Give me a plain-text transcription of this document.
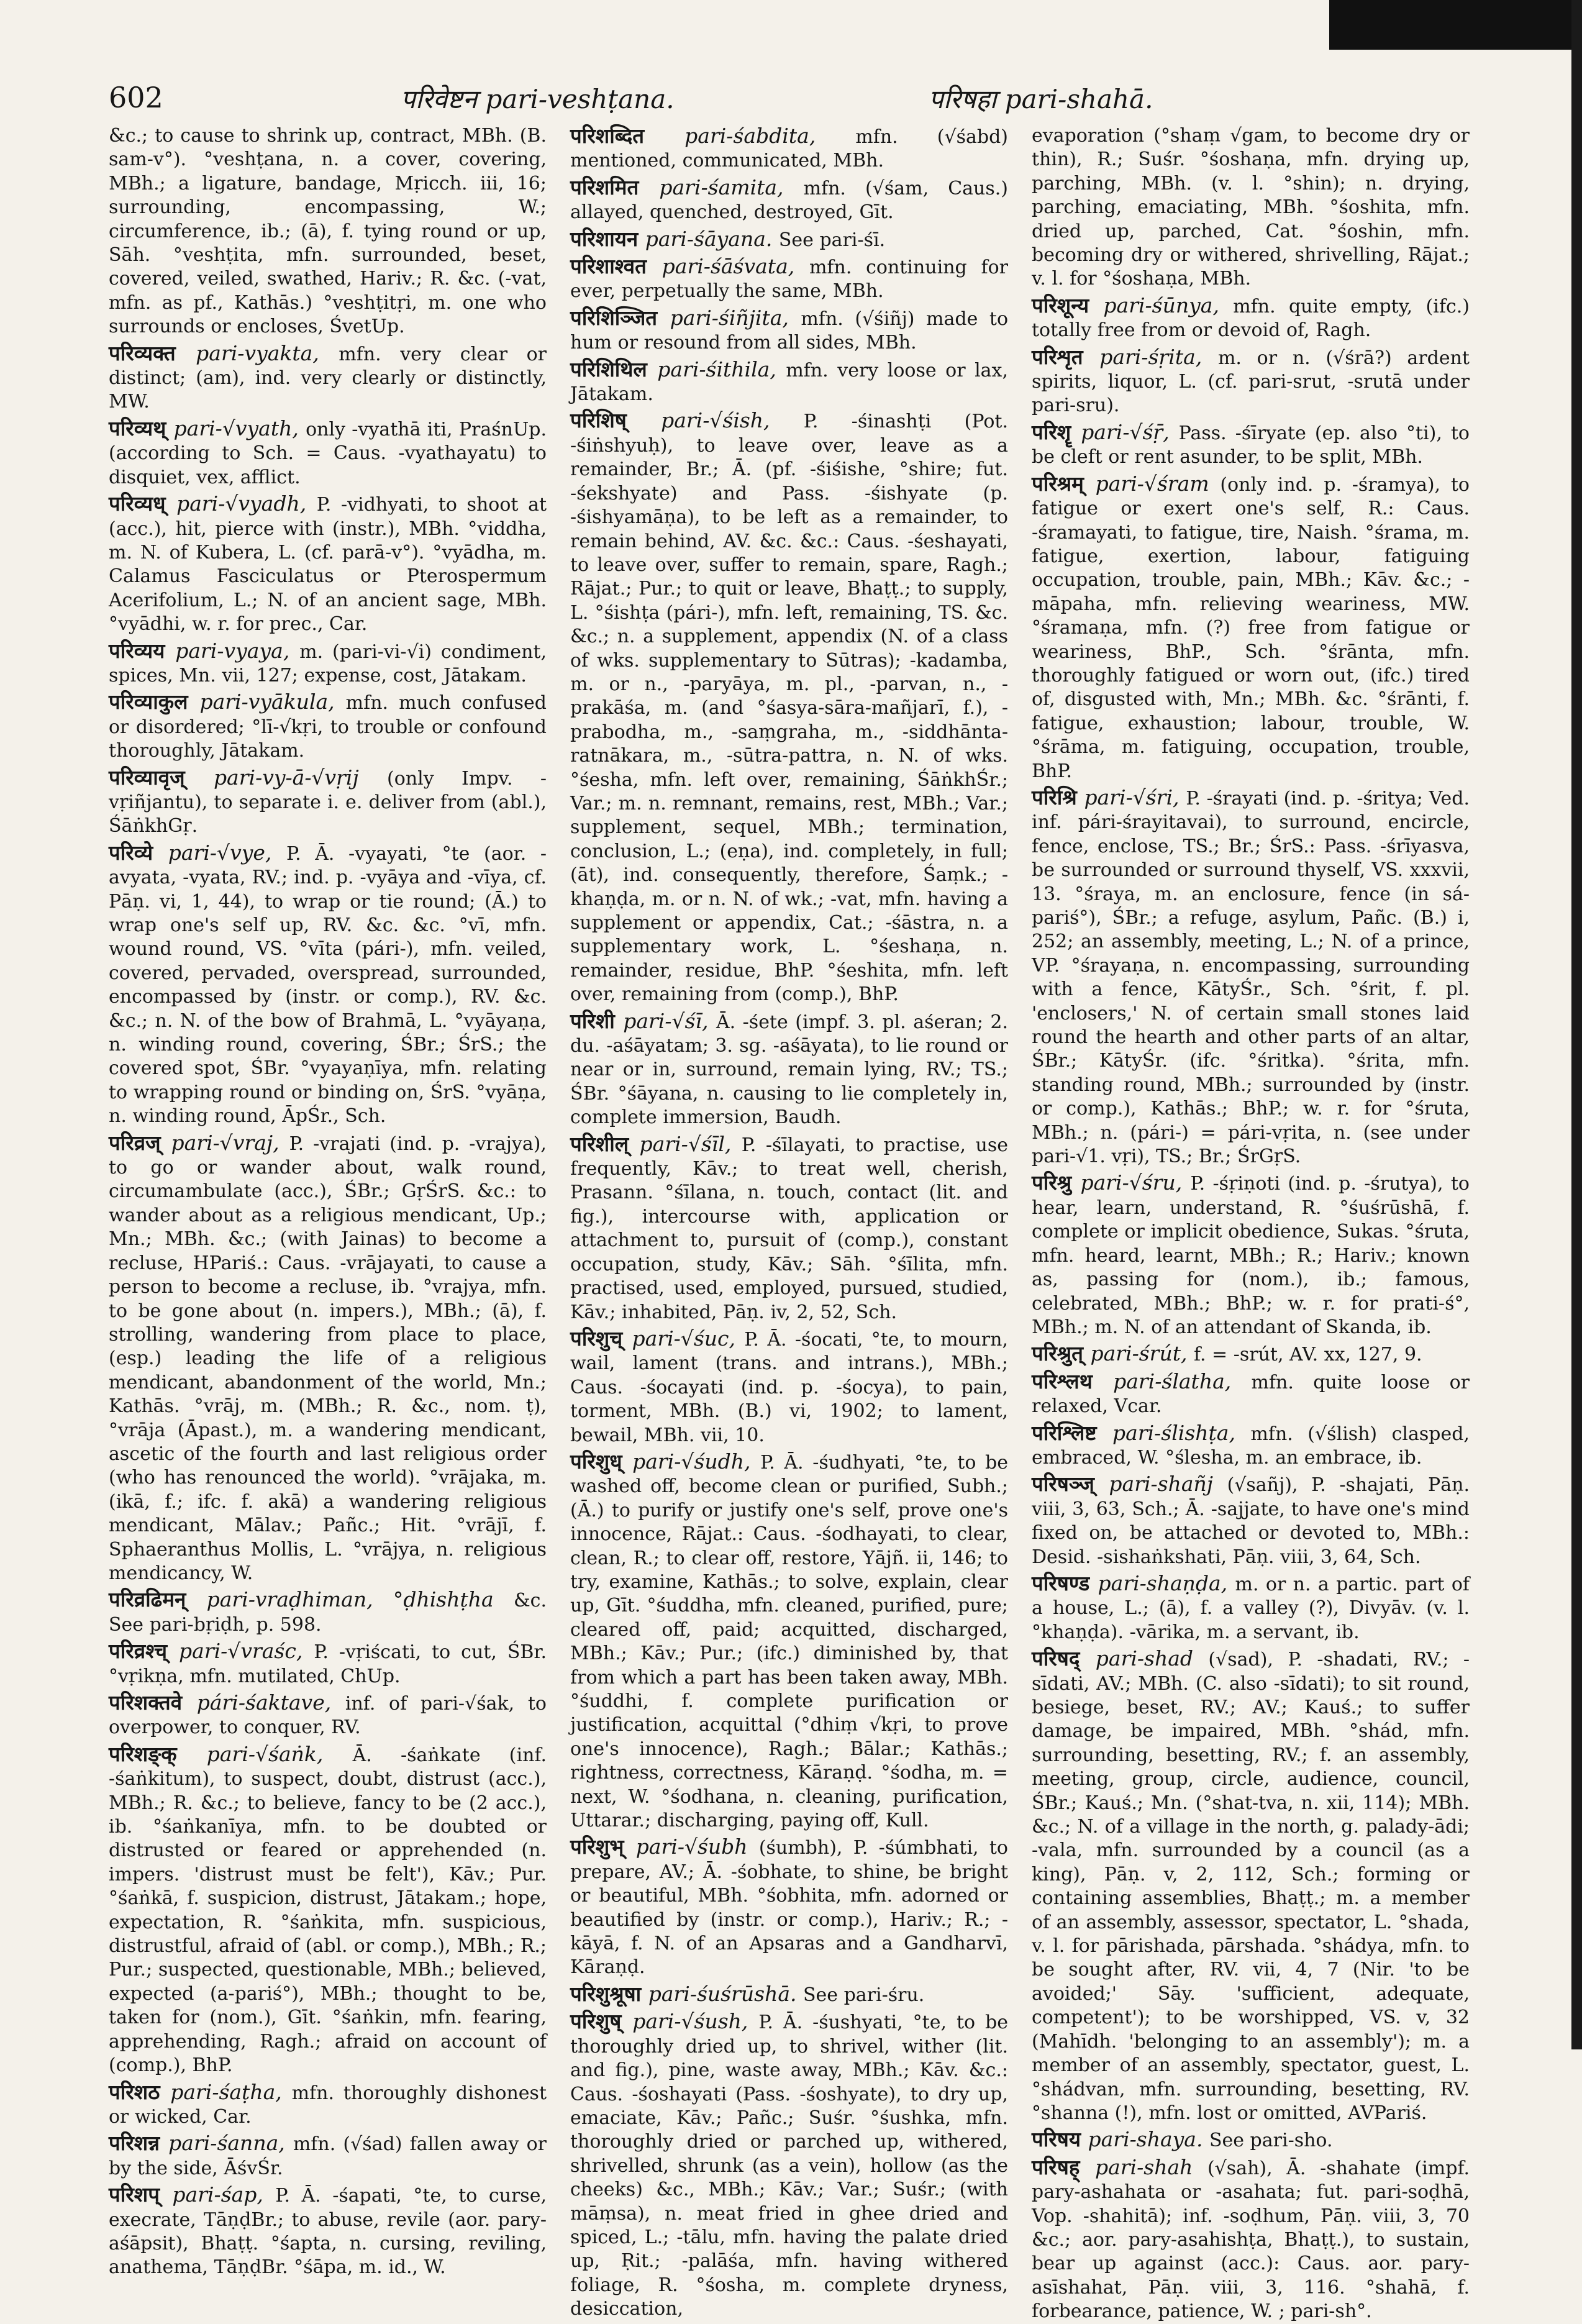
602	परिवेष्टन pari-veshṭana.	परिषहा pari-shahā.

&c.; to cause to shrink up, contract, MBh. (B. sam-v°). °veshṭana, n. a cover, covering, MBh.; a ligature, bandage, Mṛicch. iii, 16; surrounding, encompassing, W.; circumference, ib.; (ā), f. tying round or up, Sāh. °veshṭita, mfn. surrounded, beset, covered, veiled, swathed, Hariv.; R. &c. (-vat, mfn. as pf., Kathās.) °veshṭitṛi, m. one who surrounds or encloses, ŚvetUp.

परिव्यक्त pari-vyakta, mfn. very clear or distinct; (am), ind. very clearly or distinctly, MW.

परिव्यथ् pari-√vyath, only -vyathā iti, PraśnUp. (according to Sch. = Caus. -vyathayatu) to disquiet, vex, afflict.

परिव्यध् pari-√vyadh, P. -vidhyati, to shoot at (acc.), hit, pierce with (instr.), MBh. °viddha, m. N. of Kubera, L. (cf. parā-v°). °vyādha, m. Calamus Fasciculatus or Pterospermum Acerifolium, L.; N. of an ancient sage, MBh. °vyādhi, w. r. for prec., Car.

परिव्यय pari-vyaya, m. (pari-vi-√i) condiment, spices, Mn. vii, 127; expense, cost, Jātakam.

परिव्याकुल pari-vyākula, mfn. much confused or disordered; °lī-√kṛi, to trouble or confound thoroughly, Jātakam.

परिव्यावृज् pari-vy-ā-√vṛij (only Impv. -vṛiñjantu), to separate i. e. deliver from (abl.), ŚāṅkhGṛ.

परिव्ये pari-√vye, P. Ā. -vyayati, °te (aor. -avyata, -vyata, RV.; ind. p. -vyāya and -vīya, cf. Pāṇ. vi, 1, 44), to wrap or tie round; (Ā.) to wrap one's self up, RV. &c. &c. °vī, mfn. wound round, VS. °vīta (pári-), mfn. veiled, covered, pervaded, overspread, surrounded, encompassed by (instr. or comp.), RV. &c. &c.; n. N. of the bow of Brahmā, L. °vyāyaṇa, n. winding round, covering, ŚBr.; ŚrS.; the covered spot, ŚBr. °vyayaṇīya, mfn. relating to wrapping round or binding on, ŚrS. °vyāṇa, n. winding round, ĀpŚr., Sch.

परिव्रज् pari-√vraj, P. -vrajati (ind. p. -vrajya), to go or wander about, walk round, circumambulate (acc.), ŚBr.; GṛŚrS. &c.: to wander about as a religious mendicant, Up.; Mn.; MBh. &c.; (with Jainas) to become a recluse, HPariś.: Caus. -vrājayati, to cause a person to become a recluse, ib. °vrajya, mfn. to be gone about (n. impers.), MBh.; (ā), f. strolling, wandering from place to place, (esp.) leading the life of a religious mendicant, abandonment of the world, Mn.; Kathās. °vrāj, m. (MBh.; R. &c., nom. ṭ), °vrāja (Āpast.), m. a wandering mendicant, ascetic of the fourth and last religious order (who has renounced the world). °vrājaka, m. (ikā, f.; ifc. f. akā) a wandering religious mendicant, Mālav.; Pañc.; Hit. °vrājī, f. Sphaeranthus Mollis, L. °vrājya, n. religious mendicancy, W.

परिव्रढिमन् pari-vraḍhiman, °ḍhishṭha &c. See pari-bṛiḍh, p. 598.

परिव्रश्च् pari-√vraśc, P. -vṛiścati, to cut, ŚBr. °vṛikṇa, mfn. mutilated, ChUp.

परिशक्तवे pári-śaktave, inf. of pari-√śak, to overpower, to conquer, RV.

परिशङ्क् pari-√śaṅk, Ā. -śaṅkate (inf. -śaṅkitum), to suspect, doubt, distrust (acc.), MBh.; R. &c.; to believe, fancy to be (2 acc.), ib. °śaṅkanīya, mfn. to be doubted or distrusted or feared or apprehended (n. impers. 'distrust must be felt'), Kāv.; Pur. °śaṅkā, f. suspicion, distrust, Jātakam.; hope, expectation, R. °śaṅkita, mfn. suspicious, distrustful, afraid of (abl. or comp.), MBh.; R.; Pur.; suspected, questionable, MBh.; believed, expected (a-pariś°), MBh.; thought to be, taken for (nom.), Gīt. °śaṅkin, mfn. fearing, apprehending, Ragh.; afraid on account of (comp.), BhP.

परिशठ pari-śaṭha, mfn. thoroughly dishonest or wicked, Car.

परिशन्न pari-śanna, mfn. (√śad) fallen away or by the side, ĀśvŚr.

परिशप् pari-śap, P. Ā. -śapati, °te, to curse, execrate, TāṇḍBr.; to abuse, revile (aor. pary-aśāpsit), Bhaṭṭ. °śapta, n. cursing, reviling, anathema, TāṇḍBr. °śāpa, m. id., W.

परिशब्दित pari-śabdita, mfn. (√śabd) mentioned, communicated, MBh.

परिशमित pari-śamita, mfn. (√śam, Caus.) allayed, quenched, destroyed, Gīt.

परिशायन pari-śāyana. See pari-śī.

परिशाश्वत pari-śāśvata, mfn. continuing for ever, perpetually the same, MBh.

परिशिञ्जित pari-śiñjita, mfn. (√śiñj) made to hum or resound from all sides, MBh.

परिशिथिल pari-śithila, mfn. very loose or lax, Jātakam.

परिशिष् pari-√śish, P. -śinashṭi (Pot. -śiṅshyuḥ), to leave over, leave as a remainder, Br.; Ā. (pf. -śiśishe, °shire; fut. -śekshyate) and Pass. -śishyate (p. -śishyamāṇa), to be left as a remainder, to remain behind, AV. &c. &c.: Caus. -śeshayati, to leave over, suffer to remain, spare, Ragh.; Rājat.; Pur.; to quit or leave, Bhaṭṭ.; to supply, L. °śishṭa (pári-), mfn. left, remaining, TS. &c. &c.; n. a supplement, appendix (N. of a class of wks. supplementary to Sūtras); -kadamba, m. or n., -paryāya, m. pl., -parvan, n., -prakāśa, m. (and °śasya-sāra-mañjarī, f.), -prabodha, m., -saṃgraha, m., -siddhānta-ratnākara, m., -sūtra-pattra, n. N. of wks. °śesha, mfn. left over, remaining, ŚāṅkhŚr.; Var.; m. n. remnant, remains, rest, MBh.; Var.; supplement, sequel, MBh.; termination, conclusion, L.; (eṇa), ind. completely, in full; (āt), ind. consequently, therefore, Śaṃk.; -khaṇḍa, m. or n. N. of wk.; -vat, mfn. having a supplement or appendix, Cat.; -śāstra, n. a supplementary work, L. °śeshaṇa, n. remainder, residue, BhP. °śeshita, mfn. left over, remaining from (comp.), BhP.

परिशी pari-√śī, Ā. -śete (impf. 3. pl. aśeran; 2. du. -aśāyatam; 3. sg. -aśāyata), to lie round or near or in, surround, remain lying, RV.; TS.; ŚBr. °śāyana, n. causing to lie completely in, complete immersion, Baudh.

परिशील् pari-√śīl, P. -śīlayati, to practise, use frequently, Kāv.; to treat well, cherish, Prasann. °śīlana, n. touch, contact (lit. and fig.), intercourse with, application or attachment to, pursuit of (comp.), constant occupation, study, Kāv.; Sāh. °śīlita, mfn. practised, used, employed, pursued, studied, Kāv.; inhabited, Pāṇ. iv, 2, 52, Sch.

परिशुच् pari-√śuc, P. Ā. -śocati, °te, to mourn, wail, lament (trans. and intrans.), MBh.; Caus. -śocayati (ind. p. -śocya), to pain, torment, MBh. (B.) vi, 1902; to lament, bewail, MBh. vii, 10.

परिशुध् pari-√śudh, P. Ā. -śudhyati, °te, to be washed off, become clean or purified, Subh.; (Ā.) to purify or justify one's self, prove one's innocence, Rājat.: Caus. -śodhayati, to clear, clean, R.; to clear off, restore, Yājñ. ii, 146; to try, examine, Kathās.; to solve, explain, clear up, Gīt. °śuddha, mfn. cleaned, purified, pure; cleared off, paid; acquitted, discharged, MBh.; Kāv.; Pur.; (ifc.) diminished by, that from which a part has been taken away, MBh. °śuddhi, f. complete purification or justification, acquittal (°dhiṃ √kṛi, to prove one's innocence), Ragh.; Bālar.; Kathās.; rightness, correctness, Kāraṇḍ. °śodha, m. = next, W. °śodhana, n. cleaning, purification, Uttarar.; discharging, paying off, Kull.

परिशुभ् pari-√śubh (śumbh), P. -śúmbhati, to prepare, AV.; Ā. -śobhate, to shine, be bright or beautiful, MBh. °śobhita, mfn. adorned or beautified by (instr. or comp.), Hariv.; R.; -kāyā, f. N. of an Apsaras and a Gandharvī, Kāraṇḍ.

परिशुश्रूषा pari-śuśrūshā. See pari-śru.

परिशुष् pari-√śush, P. Ā. -śushyati, °te, to be thoroughly dried up, to shrivel, wither (lit. and fig.), pine, waste away, MBh.; Kāv. &c.: Caus. -śoshayati (Pass. -śoshyate), to dry up, emaciate, Kāv.; Pañc.; Suśr. °śushka, mfn. thoroughly dried or parched up, withered, shrivelled, shrunk (as a vein), hollow (as the cheeks) &c., MBh.; Kāv.; Var.; Suśr.; (with māṃsa), n. meat fried in ghee dried and spiced, L.; -tālu, mfn. having the palate dried up, Ṛit.; -palāśa, mfn. having withered foliage, R. °śosha, m. complete dryness, desiccation,

evaporation (°shaṃ √gam, to become dry or thin), R.; Suśr. °śoshaṇa, mfn. drying up, parching, MBh. (v. l. °shin); n. drying, parching, emaciating, MBh. °śoshita, mfn. dried up, parched, Cat. °śoshin, mfn. becoming dry or withered, shrivelling, Rājat.; v. l. for °śoshaṇa, MBh.

परिशून्य pari-śūnya, mfn. quite empty, (ifc.) totally free from or devoid of, Ragh.

परिशृत pari-śṛita, m. or n. (√śrā?) ardent spirits, liquor, L. (cf. pari-srut, -srutā under pari-sru).

परिशॄ pari-√śṝ, Pass. -śīryate (ep. also °ti), to be cleft or rent asunder, to be split, MBh.

परिश्रम् pari-√śram (only ind. p. -śramya), to fatigue or exert one's self, R.: Caus. -śramayati, to fatigue, tire, Naish. °śrama, m. fatigue, exertion, labour, fatiguing occupation, trouble, pain, MBh.; Kāv. &c.; -māpaha, mfn. relieving weariness, MW. °śramaṇa, mfn. (?) free from fatigue or weariness, BhP., Sch. °śrānta, mfn. thoroughly fatigued or worn out, (ifc.) tired of, disgusted with, Mn.; MBh. &c. °śrānti, f. fatigue, exhaustion; labour, trouble, W. °śrāma, m. fatiguing, occupation, trouble, BhP.

परिश्रि pari-√śri, P. -śrayati (ind. p. -śritya; Ved. inf. pári-śrayitavai), to surround, encircle, fence, enclose, TS.; Br.; ŚrS.: Pass. -śrīyasva, be surrounded or surround thyself, VS. xxxvii, 13. °śraya, m. an enclosure, fence (in sá-pariś°), ŚBr.; a refuge, asylum, Pañc. (B.) i, 252; an assembly, meeting, L.; N. of a prince, VP. °śrayaṇa, n. encompassing, surrounding with a fence, KātyŚr., Sch. °śrit, f. pl. 'enclosers,' N. of certain small stones laid round the hearth and other parts of an altar, ŚBr.; KātyŚr. (ifc. °śritka). °śrita, mfn. standing round, MBh.; surrounded by (instr. or comp.), Kathās.; BhP.; w. r. for °śruta, MBh.; n. (pári-) = pári-vṛita, n. (see under pari-√1. vṛi), TS.; Br.; ŚrGṛS.

परिश्रु pari-√śru, P. -śṛiṇoti (ind. p. -śrutya), to hear, learn, understand, R. °śuśrūshā, f. complete or implicit obedience, Sukas. °śruta, mfn. heard, learnt, MBh.; R.; Hariv.; known as, passing for (nom.), ib.; famous, celebrated, MBh.; BhP.; w. r. for prati-ś°, MBh.; m. N. of an attendant of Skanda, ib.

परिश्रुत् pari-śrút, f. = -srút, AV. xx, 127, 9.

परिश्लथ pari-ślatha, mfn. quite loose or relaxed, Vcar.

परिश्लिष्ट pari-ślishṭa, mfn. (√ślish) clasped, embraced, W. °ślesha, m. an embrace, ib.

परिषञ्ज् pari-shañj (√sañj), P. -shajati, Pāṇ. viii, 3, 63, Sch.; Ā. -sajjate, to have one's mind fixed on, be attached or devoted to, MBh.: Desid. -sishaṅkshati, Pāṇ. viii, 3, 64, Sch.

परिषण्ड pari-shaṇḍa, m. or n. a partic. part of a house, L.; (ā), f. a valley (?), Divyāv. (v. l. °khaṇḍa). -vārika, m. a servant, ib.

परिषद् pari-shad (√sad), P. -shadati, RV.; -sīdati, AV.; MBh. (C. also -sīdati); to sit round, besiege, beset, RV.; AV.; Kauś.; to suffer damage, be impaired, MBh. °shád, mfn. surrounding, besetting, RV.; f. an assembly, meeting, group, circle, audience, council, ŚBr.; Kauś.; Mn. (°shat-tva, n. xii, 114); MBh. &c.; N. of a village in the north, g. palady-ādi; -vala, mfn. surrounded by a council (as a king), Pāṇ. v, 2, 112, Sch.; forming or containing assemblies, Bhaṭṭ.; m. a member of an assembly, assessor, spectator, L. °shada, v. l. for pārishada, pārshada. °shádya, mfn. to be sought after, RV. vii, 4, 7 (Nir. 'to be avoided;' Sāy. 'sufficient, adequate, competent'); to be worshipped, VS. v, 32 (Mahīdh. 'belonging to an assembly'); m. a member of an assembly, spectator, guest, L. °shádvan, mfn. surrounding, besetting, RV. °shanna (!), mfn. lost or omitted, AVPariś.

परिषय pari-shaya. See pari-sho.

परिषह् pari-shah (√sah), Ā. -shahate (impf. pary-ashahata or -asahata; fut. pari-soḍhā, Vop. -shahitā); inf. -soḍhum, Pāṇ. viii, 3, 70 &c.; aor. pary-asahishṭa, Bhaṭṭ.), to sustain, bear up against (acc.): Caus. aor. pary-asīshahat, Pāṇ. viii, 3, 116. °shahā, f. forbearance, patience, W. ; pari-sh°.
